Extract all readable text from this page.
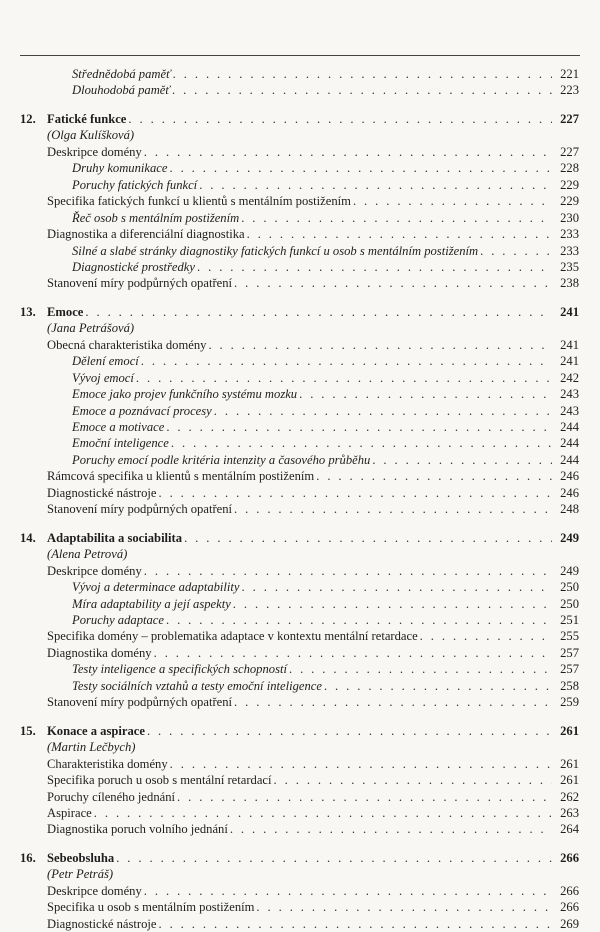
Střednědobá paměť . . .	221
Dlouhodobá paměť . . .	223
12. Fatické funkce . . .	227
(Olga Kulíšková)
Deskripce domény . . .	227
Druhy komunikace . . .	228
Poruchy fatických funkcí . . .	229
Specifika fatických funkcí u klientů s mentálním postižením . . .	229
Řeč osob s mentálním postižením . . .	230
Diagnostika a diferenciální diagnostika . . .	233
Silné a slabé stránky diagnostiky fatických funkcí u osob s mentálním postižením . . .	233
Diagnostické prostředky . . .	235
Stanovení míry podpůrných opatření . . .	238
13. Emoce . . .	241
(Jana Petrášová)
Obecná charakteristika domény . . .	241
Dělení emocí . . .	241
Vývoj emocí . . .	242
Emoce jako projev funkčního systému mozku . . .	243
Emoce a poznávací procesy . . .	243
Emoce a motivace . . .	244
Emoční inteligence . . .	244
Poruchy emocí podle kritéria intenzity a časového průběhu . . .	244
Rámcová specifika u klientů s mentálním postižením . . .	246
Diagnostické nástroje . . .	246
Stanovení míry podpůrných opatření . . .	248
14. Adaptabilita a sociabilita . . .	249
(Alena Petrová)
Deskripce domény . . .	249
Vývoj a determinace adaptability . . .	250
Míra adaptability a její aspekty . . .	250
Poruchy adaptace . . .	251
Specifika domény – problematika adaptace v kontextu mentální retardace . . .	255
Diagnostika domény . . .	257
Testy inteligence a specifických schopností . . .	257
Testy sociálních vztahů a testy emoční inteligence . . .	258
Stanovení míry podpůrných opatření . . .	259
15. Konace a aspirace . . .	261
(Martin Lečbych)
Charakteristika domény . . .	261
Specifika poruch u osob s mentální retardací . . .	261
Poruchy cíleného jednání . . .	262
Aspirace . . .	263
Diagnostika poruch volního jednání . . .	264
16. Sebeobsluha . . .	266
(Petr Petráš)
Deskripce domény . . .	266
Specifika u osob s mentálním postižením . . .	266
Diagnostické nástroje . . .	269
